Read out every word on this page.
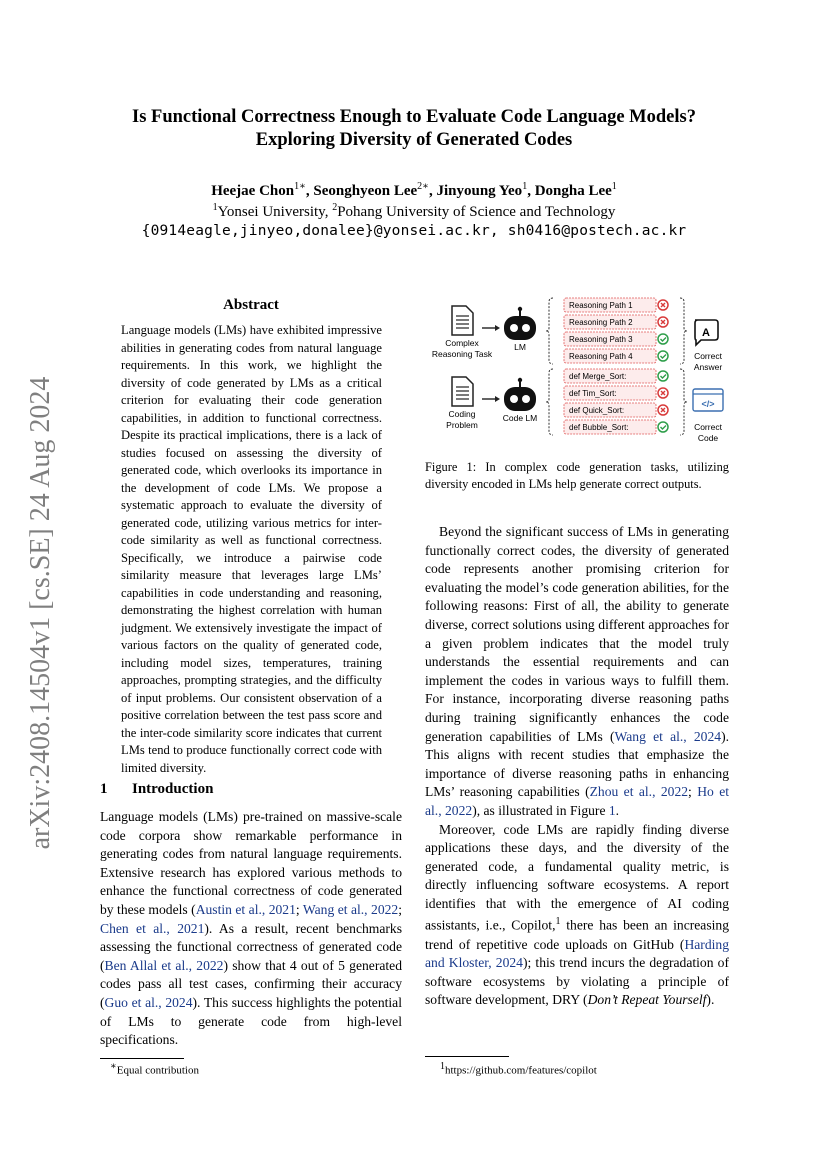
arXiv:2408.14504v1 [cs.SE] 24 Aug 2024
Is Functional Correctness Enough to Evaluate Code Language Models?
Exploring Diversity of Generated Codes
Heejae Chon$^{1∗}$, Seonghyeon Lee$^{2∗}$, Jinyoung Yeo$^1$, Dongha Lee$^1$
$^1$Yonsei University, $^2$Pohang University of Science and Technology
{0914eagle,jinyeo,donalee}@yonsei.ac.kr, sh0416@postech.ac.kr
Abstract
Language models (LMs) have exhibited impressive abilities in generating codes from natural language requirements. In this work, we highlight the diversity of code generated by LMs as a critical criterion for evaluating their code generation capabilities, in addition to functional correctness. Despite its practical implications, there is a lack of studies focused on assessing the diversity of generated code, which overlooks its importance in the development of code LMs. We propose a systematic approach to evaluate the diversity of generated code, utilizing various metrics for inter-code similarity as well as functional correctness. Specifically, we introduce a pairwise code similarity measure that leverages large LMs’ capabilities in code understanding and reasoning, demonstrating the highest correlation with human judgment. We extensively investigate the impact of various factors on the quality of generated code, including model sizes, temperatures, training approaches, prompting strategies, and the difficulty of input problems. Our consistent observation of a positive correlation between the test pass score and the inter-code similarity score indicates that current LMs tend to produce functionally correct code with limited diversity.
1 Introduction

Language models (LMs) pre-trained on massive-scale code corpora show remarkable performance in generating codes from natural language requirements. Extensive research has explored various methods to enhance the functional correctness of code generated by these models (Austin et al., 2021; Wang et al., 2022; Chen et al., 2021). As a result, recent benchmarks assessing the functional correctness of generated code (Ben Allal et al., 2022) show that 4 out of 5 generated codes pass all test cases, confirming their accuracy (Guo et al., 2024). This success highlights the potential of LMs to generate code from high-level specifications.

Complex
Reasoning Task
LM
Reasoning Path 1
Reasoning Path 2
Reasoning Path 3
Reasoning Path 4
A
Correct
Answer
Coding
Problem
Code LM
def Merge_Sort:
def Tim_Sort:
def Quick_Sort:
def Bubble_Sort:
</>
Correct
Code
Figure 1: In complex code generation tasks, utilizing diversity encoded in LMs help generate correct outputs.

Beyond the significant success of LMs in generating functionally correct codes, the diversity of generated code represents another promising criterion for evaluating the model’s code generation abilities, for the following reasons: First of all, the ability to generate diverse, correct solutions using different approaches for a given problem indicates that the model truly understands the essential requirements and can implement the codes in various ways to fulfill them. For instance, incorporating diverse reasoning paths during training significantly enhances the code generation capabilities of LMs (Wang et al., 2024). This aligns with recent studies that emphasize the importance of diverse reasoning paths in enhancing LMs’ reasoning capabilities (Zhou et al., 2022; Ho et al., 2022), as illustrated in Figure 1.

Moreover, code LMs are rapidly finding diverse applications these days, and the diversity of the generated code, a fundamental quality metric, is directly influencing software ecosystems. A report identifies that with the emergence of AI coding assistants, i.e., Copilot,$^1$ there has been an increasing trend of repetitive code uploads on GitHub (Harding and Kloster, 2024); this trend incurs the degradation of software ecosystems by violating a principle of software development, DRY (Don’t Repeat Yourself).

∗Equal contribution	$^1$https://github.com/features/copilot
